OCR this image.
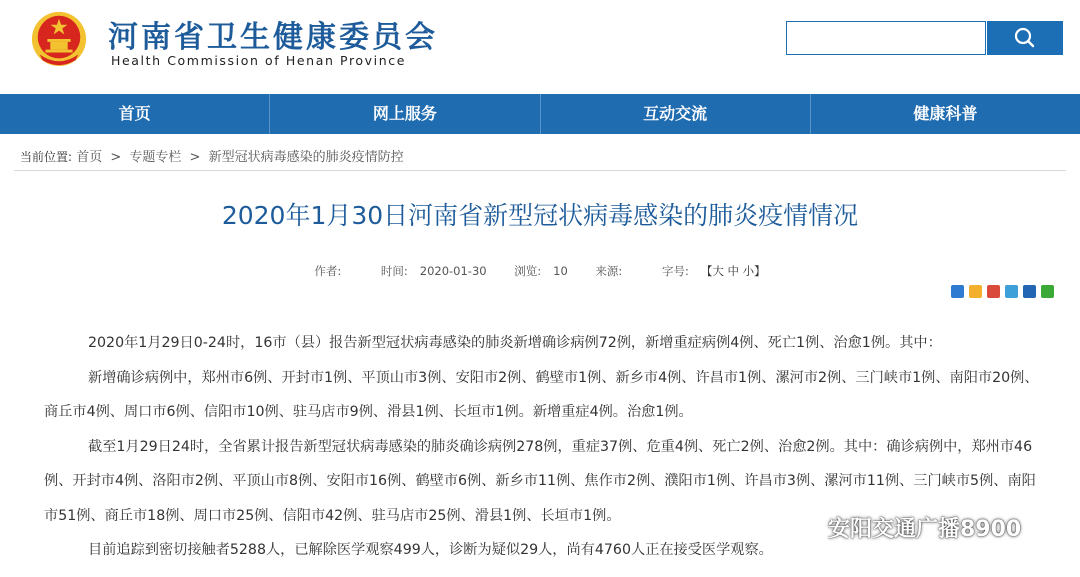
河南省卫生健康委员会
Health Commission of Henan Province
首页	网上服务	互动交流	健康科普
当前位置: 首页 > 专题专栏 > 新型冠状病毒感染的肺炎疫情防控
2020年1月30日河南省新型冠状病毒感染的肺炎疫情情况
作者:	时间: 2020-01-30 浏览: 10 来源:	字号: 【大 中 小】

2020年1月29日0-24时，16市（县）报告新型冠状病毒感染的肺炎新增确诊病例72例，新增重症病例4例、死亡1例、治愈1例。其中：

新增确诊病例中，郑州市6例、开封市1例、平顶山市3例、安阳市2例、鹤壁市1例、新乡市4例、许昌市1例、漯河市2例、三门峡市1例、南阳市20例、商丘市4例、周口市6例、信阳市10例、驻马店市9例、滑县1例、长垣市1例。新增重症4例。治愈1例。

截至1月29日24时，全省累计报告新型冠状病毒感染的肺炎确诊病例278例，重症37例、危重4例、死亡2例、治愈2例。其中：确诊病例中，郑州市46例、开封市4例、洛阳市2例、平顶山市8例、安阳市16例、鹤壁市6例、新乡市11例、焦作市2例、濮阳市1例、许昌市3例、漯河市11例、三门峡市5例、南阳市51例、商丘市18例、周口市25例、信阳市42例、驻马店市25例、滑县1例、长垣市1例。

目前追踪到密切接触者5288人，已解除医学观察499人，诊断为疑似29人，尚有4760人正在接受医学观察。

安阳交通广播8900
